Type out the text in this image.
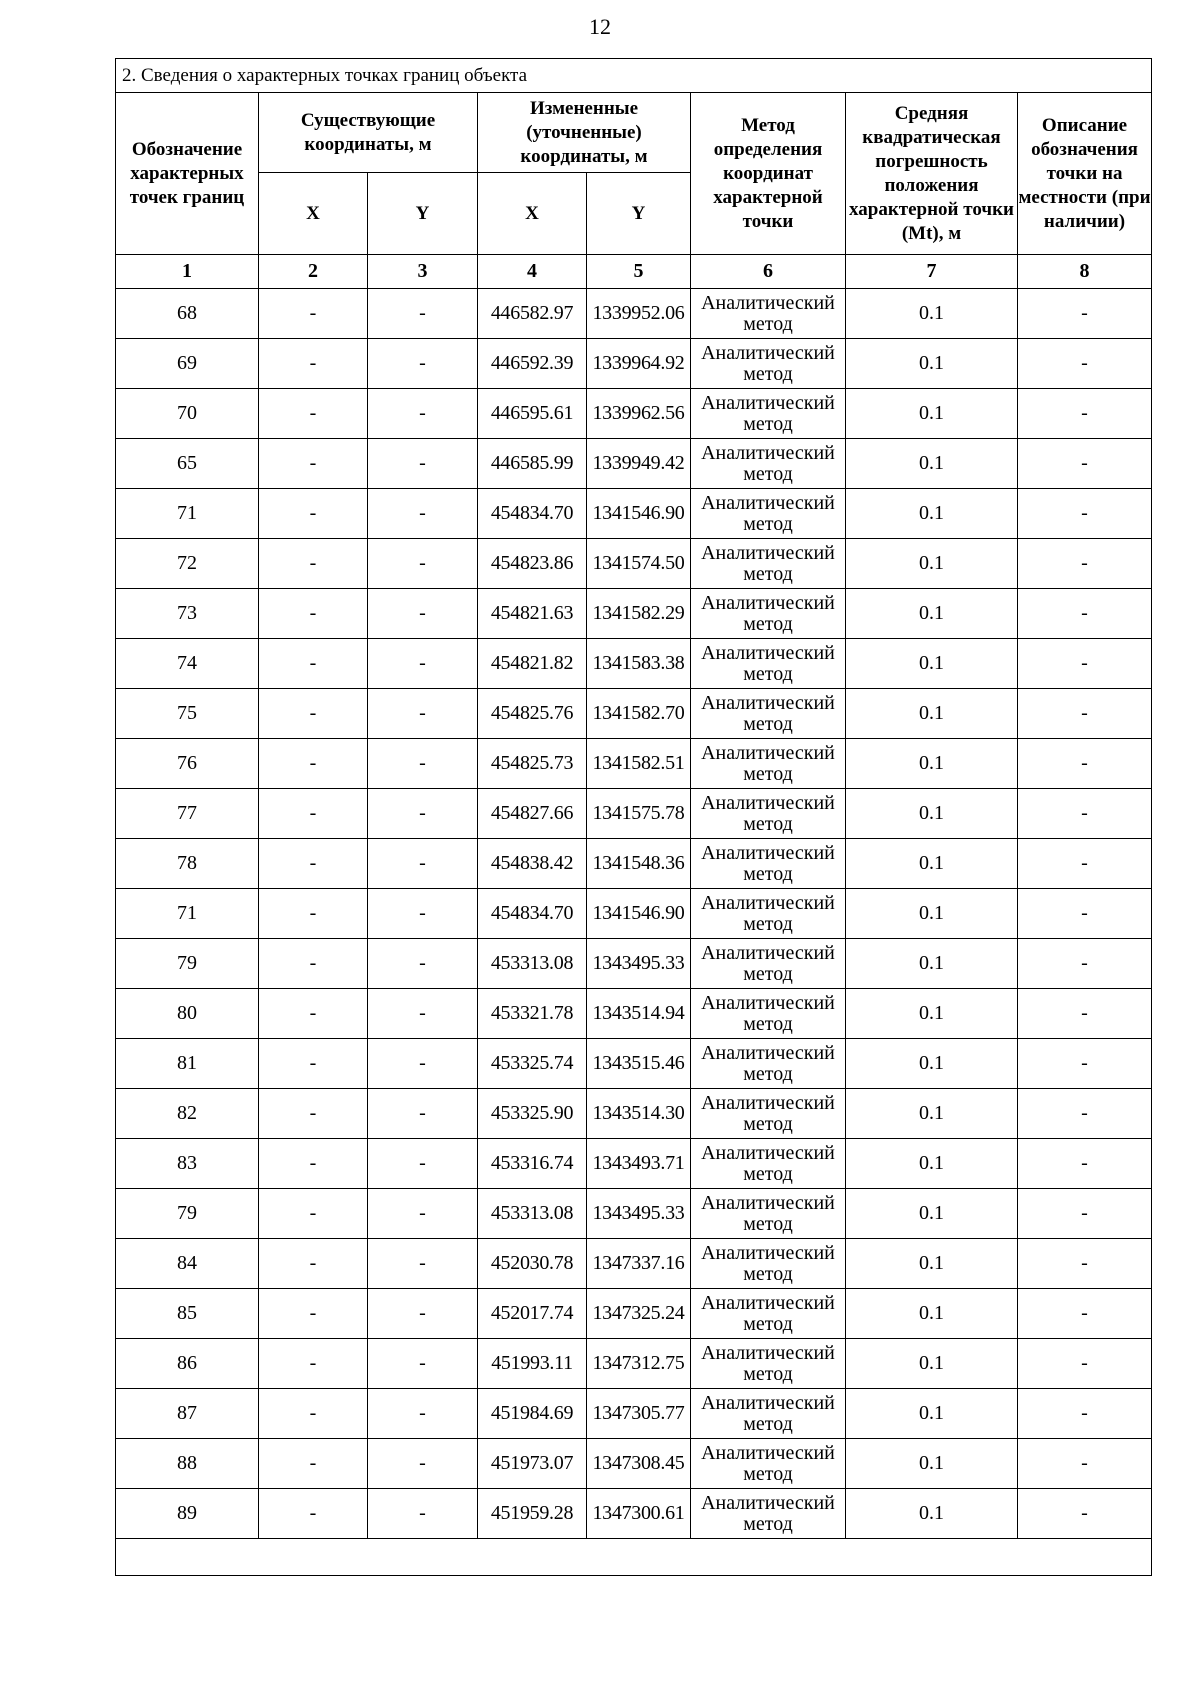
12
2. Сведения о характерных точках границ объекта							
Обозначение характерных точек границ	Существующие координаты, м		Измененные (уточненные) координаты, м		Метод определения координат характерной точки	Средняя квадратическая погрешность положения характерной точки (Mt), м	Описание обозначения точки на местности (при наличии)
	X	Y	X	Y			
1	2	3	4	5	6	7	8
68	-	-	446582.97	1339952.06	Аналитический метод	0.1	-
69	-	-	446592.39	1339964.92	Аналитический метод	0.1	-
70	-	-	446595.61	1339962.56	Аналитический метод	0.1	-
65	-	-	446585.99	1339949.42	Аналитический метод	0.1	-
71	-	-	454834.70	1341546.90	Аналитический метод	0.1	-
72	-	-	454823.86	1341574.50	Аналитический метод	0.1	-
73	-	-	454821.63	1341582.29	Аналитический метод	0.1	-
74	-	-	454821.82	1341583.38	Аналитический метод	0.1	-
75	-	-	454825.76	1341582.70	Аналитический метод	0.1	-
76	-	-	454825.73	1341582.51	Аналитический метод	0.1	-
77	-	-	454827.66	1341575.78	Аналитический метод	0.1	-
78	-	-	454838.42	1341548.36	Аналитический метод	0.1	-
71	-	-	454834.70	1341546.90	Аналитический метод	0.1	-
79	-	-	453313.08	1343495.33	Аналитический метод	0.1	-
80	-	-	453321.78	1343514.94	Аналитический метод	0.1	-
81	-	-	453325.74	1343515.46	Аналитический метод	0.1	-
82	-	-	453325.90	1343514.30	Аналитический метод	0.1	-
83	-	-	453316.74	1343493.71	Аналитический метод	0.1	-
79	-	-	453313.08	1343495.33	Аналитический метод	0.1	-
84	-	-	452030.78	1347337.16	Аналитический метод	0.1	-
85	-	-	452017.74	1347325.24	Аналитический метод	0.1	-
86	-	-	451993.11	1347312.75	Аналитический метод	0.1	-
87	-	-	451984.69	1347305.77	Аналитический метод	0.1	-
88	-	-	451973.07	1347308.45	Аналитический метод	0.1	-
89	-	-	451959.28	1347300.61	Аналитический метод	0.1	-
